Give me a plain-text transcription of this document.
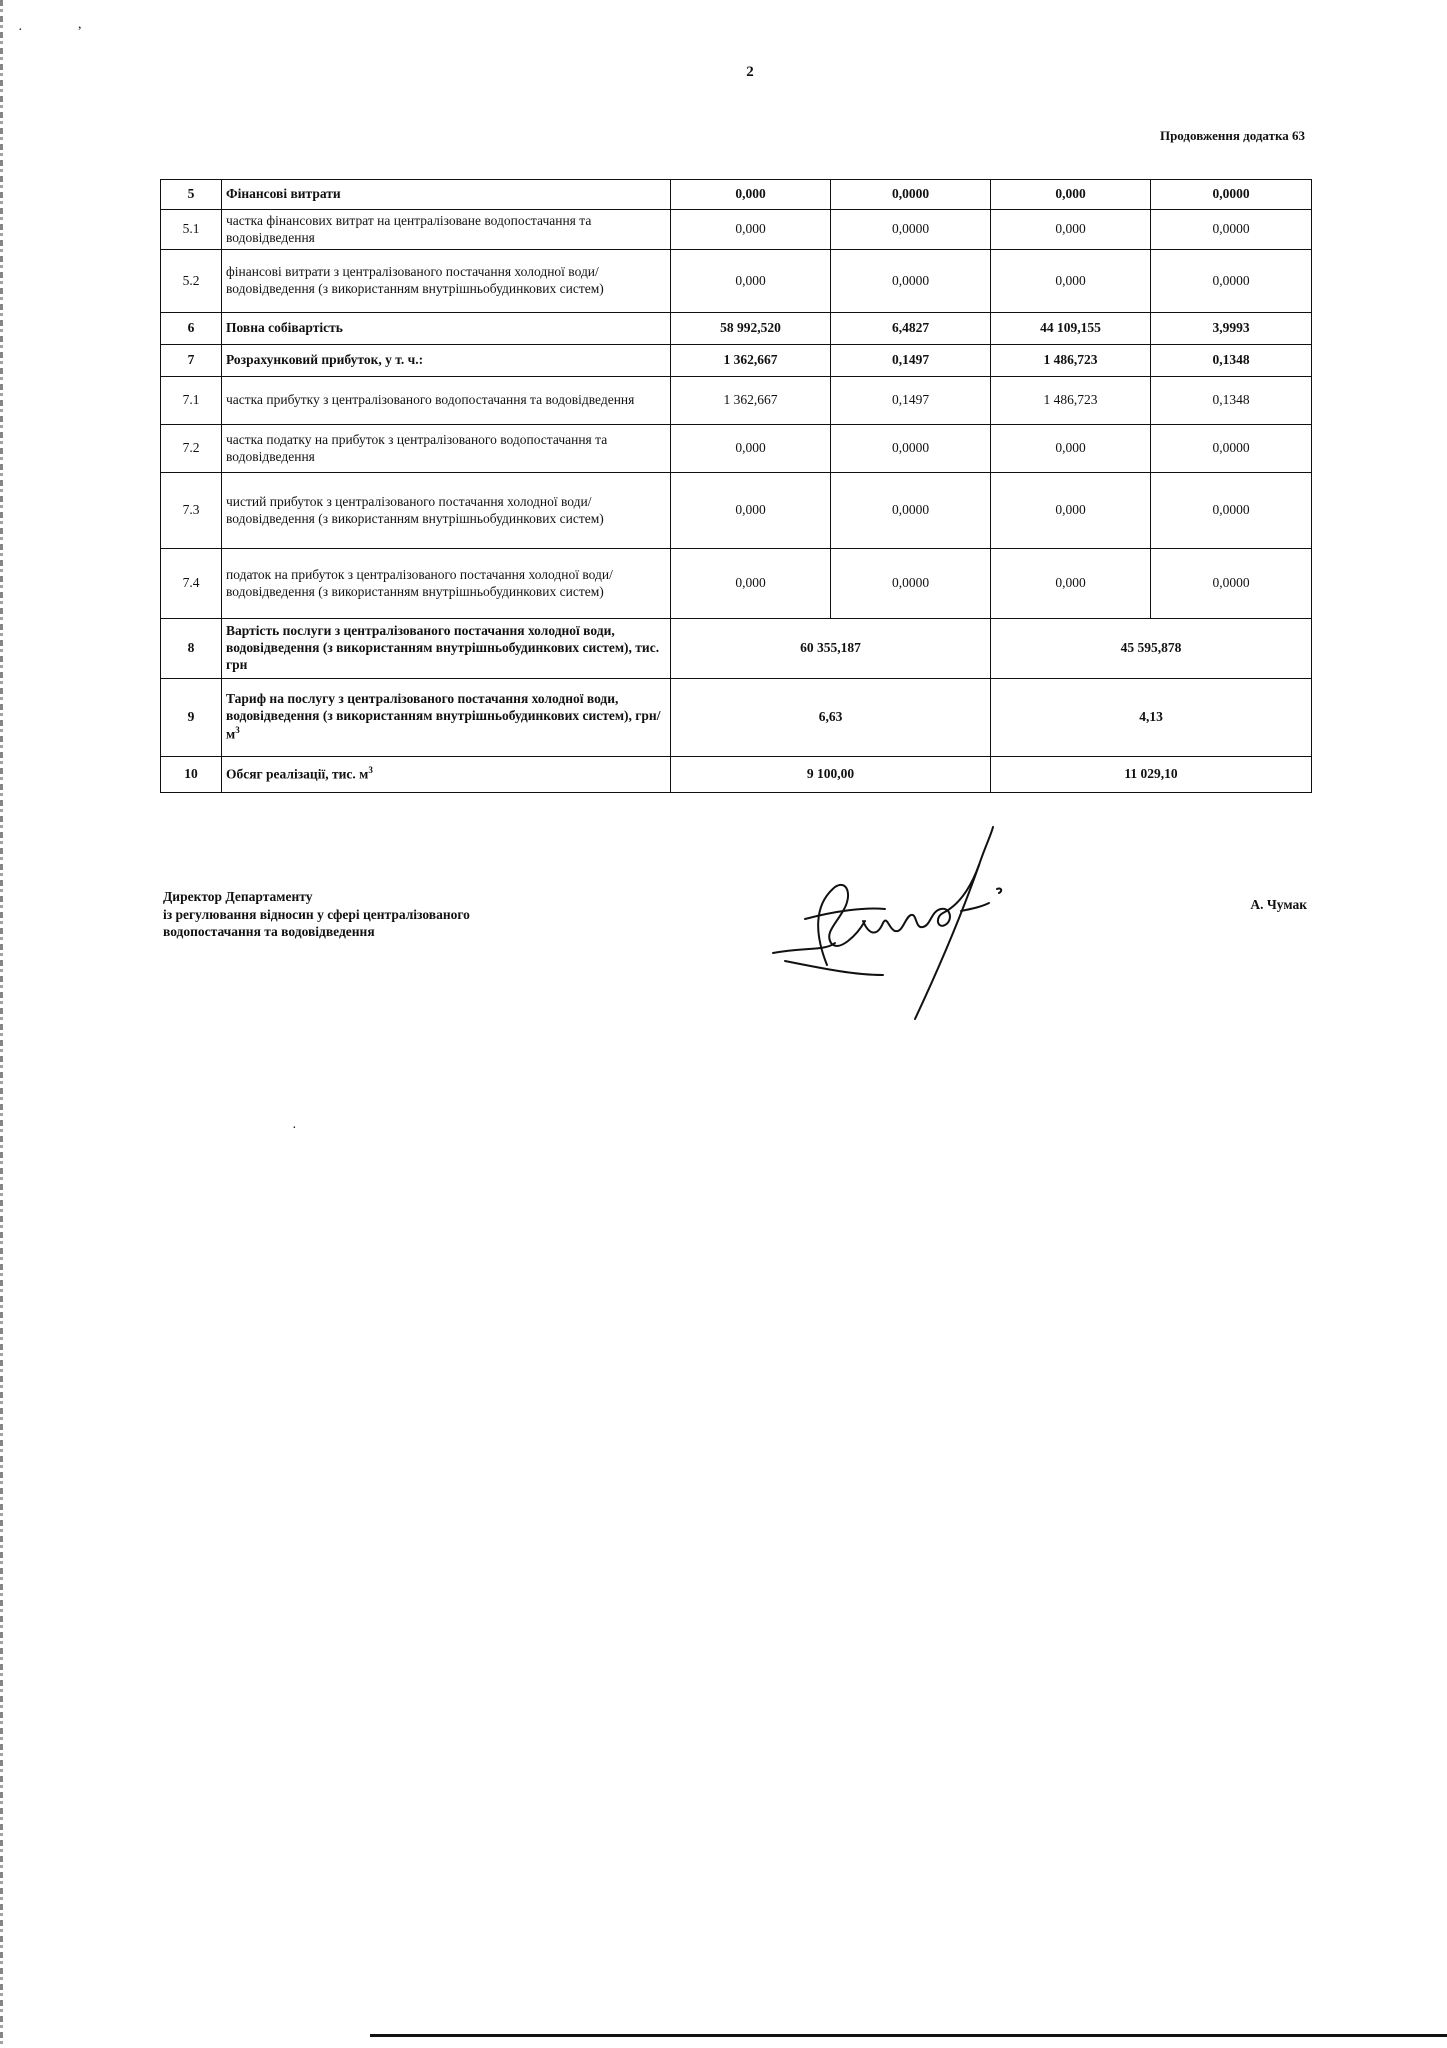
·	,
·
2
Продовження додатка 63
5	Фінансові витрати	0,000	0,0000	0,000	0,0000
5.1	частка фінансових витрат на централізоване водопостачання та водовідведення	0,000	0,0000	0,000	0,0000
5.2	фінансові витрати з централізованого постачання холодної води/водовідведення (з використанням внутрішньобудинкових систем)	0,000	0,0000	0,000	0,0000
6	Повна собівартість	58 992,520	6,4827	44 109,155	3,9993
7	Розрахунковий прибуток, у т. ч.:	1 362,667	0,1497	1 486,723	0,1348
7.1	частка прибутку з централізованого водопостачання та водовідведення	1 362,667	0,1497	1 486,723	0,1348
7.2	частка податку на прибуток з централізованого водопостачання та водовідведення	0,000	0,0000	0,000	0,0000
7.3	чистий прибуток з централізованого постачання холодної води/водовідведення (з використанням внутрішньобудинкових систем)	0,000	0,0000	0,000	0,0000
7.4	податок на прибуток з централізованого постачання холодної води/водовідведення (з використанням внутрішньобудинкових систем)	0,000	0,0000	0,000	0,0000
8	Вартість послуги з централізованого постачання холодної води, водовідведення (з використанням внутрішньобудинкових систем), тис. грн	60 355,187		45 595,878	
9	Тариф на послугу з централізованого постачання холодної води, водовідведення (з використанням внутрішньобудинкових систем), грн/$м^3$	6,63		4,13	
10	Обсяг реалізації, тис. $м^3$	9 100,00		11 029,10	
Директор Департаменту
із регулювання відносин у сфері централізованого
водопостачання та водовідведення
А. Чумак
